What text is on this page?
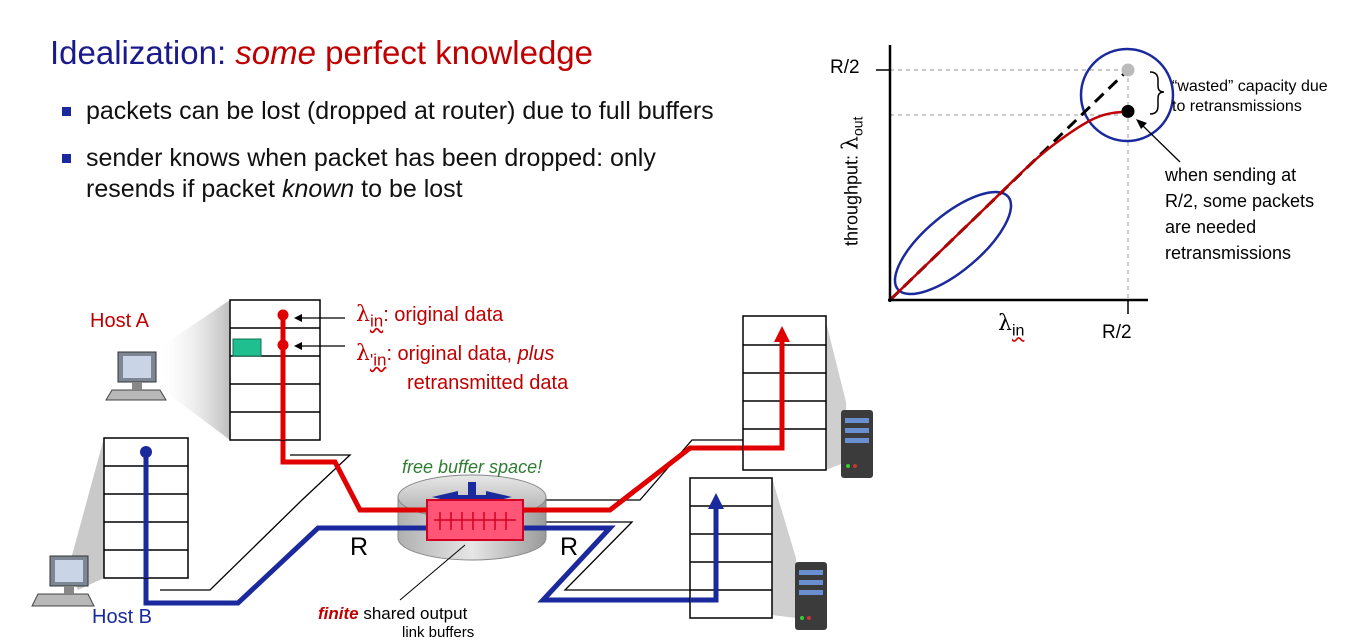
Idealization: some perfect knowledge
packets can be lost (dropped at router) due to full buffers
sender knows when packet has been dropped: only resends if packet known to be lost
Host A
Host B
$\lambda_{in}$: original data
$\lambda_{'in}$: original data, plus
retransmitted data
free buffer space!
R	R
finite shared output
link buffers
R/2
R/2
$\lambda_{in}$
throughput: $\lambda_{out}$
“wasted” capacity due
to retransmissions
when sending at
R/2, some packets
are needed
retransmissions
